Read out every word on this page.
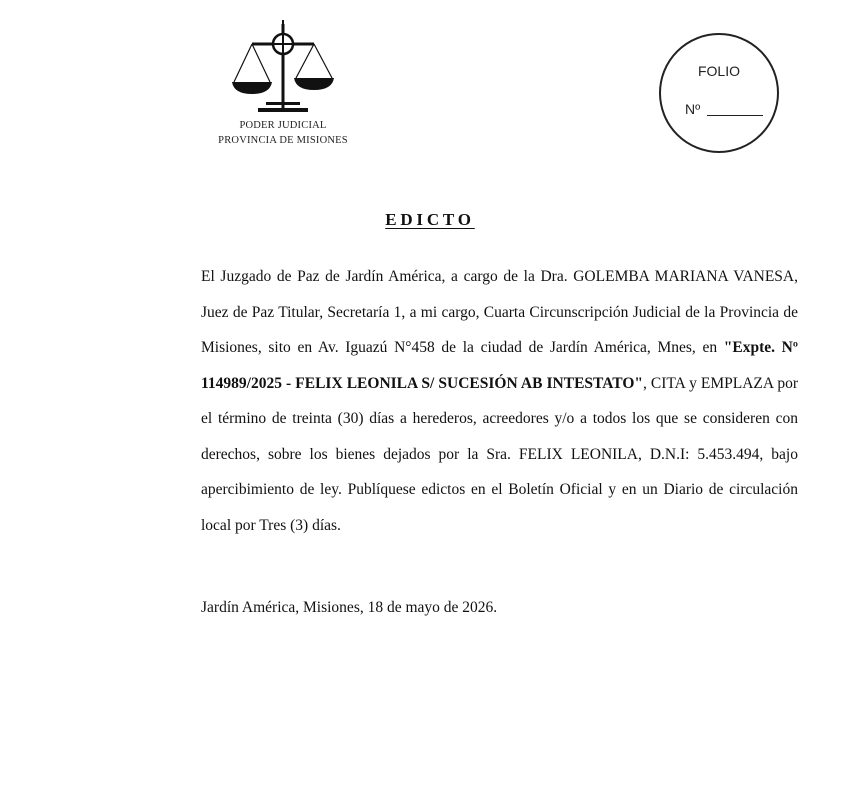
PODER JUDICIAL
PROVINCIA DE MISIONES
FOLIO
Nº
EDICTO

El Juzgado de Paz de Jardín América, a cargo de la Dra. GOLEMBA MARIANA VANESA, Juez de Paz Titular, Secretaría 1, a mi cargo, Cuarta Circunscripción Judicial de la Provincia de Misiones, sito en Av. Iguazú N°458 de la ciudad de Jardín América, Mnes, en "Expte. Nº 114989/2025 - FELIX LEONILA S/ SUCESIÓN AB INTESTATO", CITA y EMPLAZA por el término de treinta (30) días a herederos, acreedores y/o a todos los que se consideren con derechos, sobre los bienes dejados por la Sra. FELIX LEONILA, D.N.I: 5.453.494, bajo apercibimiento de ley. Publíquese edictos en el Boletín Oficial y en un Diario de circulación local por Tres (3) días.

Jardín América, Misiones, 18 de mayo de 2026.
